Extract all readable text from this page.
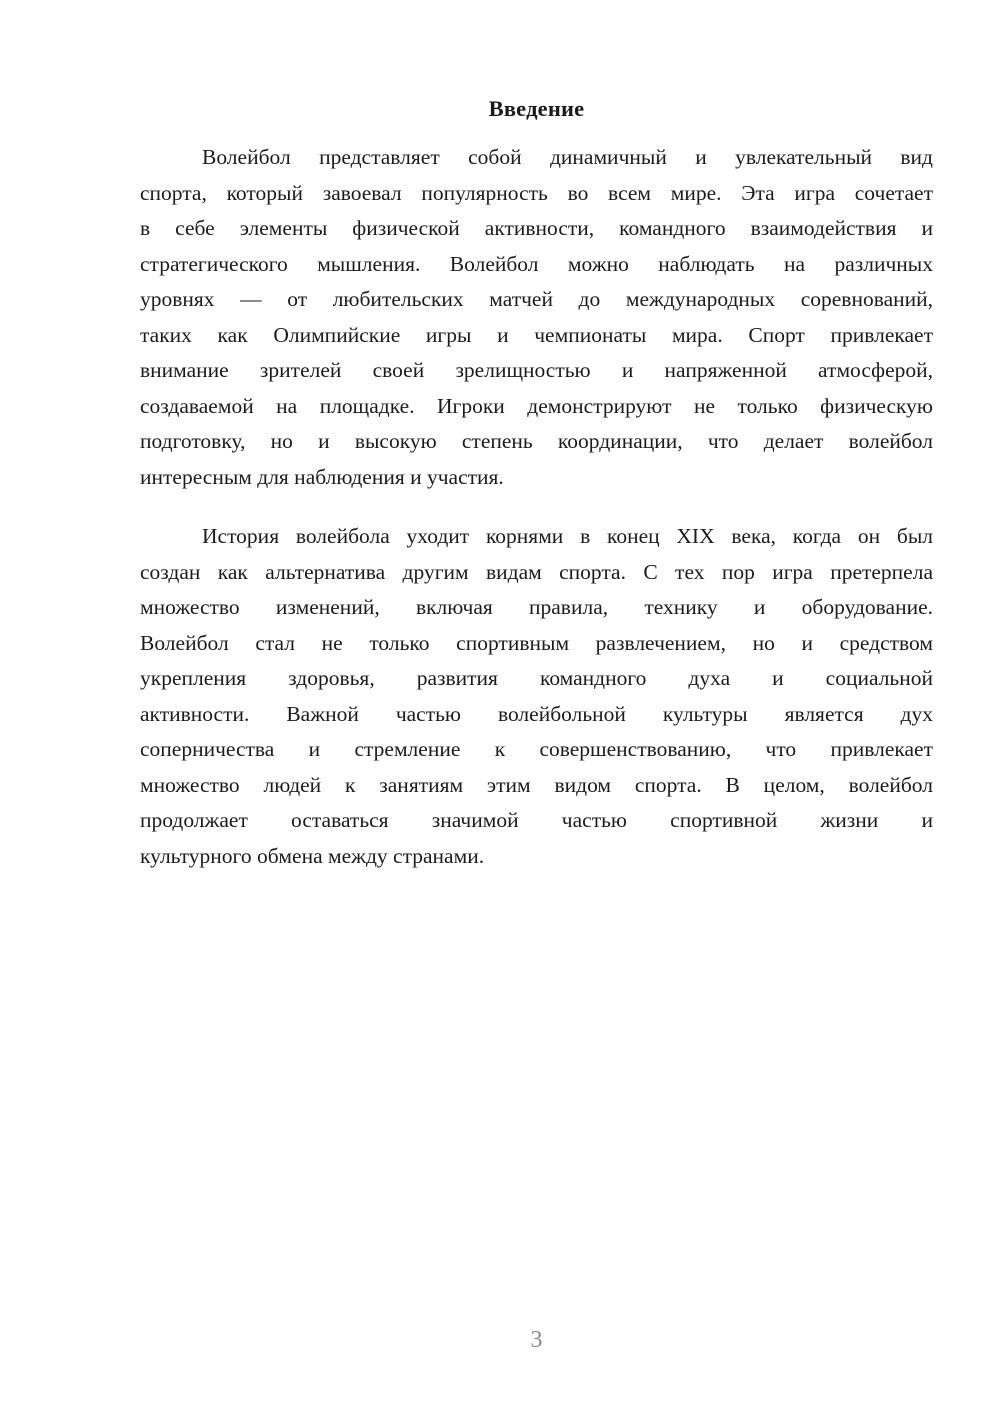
Введение
Волейбол представляет собой динамичный и увлекательный вид
спорта, который завоевал популярность во всем мире. Эта игра сочетает
в себе элементы физической активности, командного взаимодействия и
стратегического мышления. Волейбол можно наблюдать на различных
уровнях — от любительских матчей до международных соревнований,
таких как Олимпийские игры и чемпионаты мира. Спорт привлекает
внимание зрителей своей зрелищностью и напряженной атмосферой,
создаваемой на площадке. Игроки демонстрируют не только физическую
подготовку, но и высокую степень координации, что делает волейбол
интересным для наблюдения и участия.
История волейбола уходит корнями в конец XIX века, когда он был
создан как альтернатива другим видам спорта. С тех пор игра претерпела
множество изменений, включая правила, технику и оборудование.
Волейбол стал не только спортивным развлечением, но и средством
укрепления здоровья, развития командного духа и социальной
активности. Важной частью волейбольной культуры является дух
соперничества и стремление к совершенствованию, что привлекает
множество людей к занятиям этим видом спорта. В целом, волейбол
продолжает оставаться значимой частью спортивной жизни и
культурного обмена между странами.
3
